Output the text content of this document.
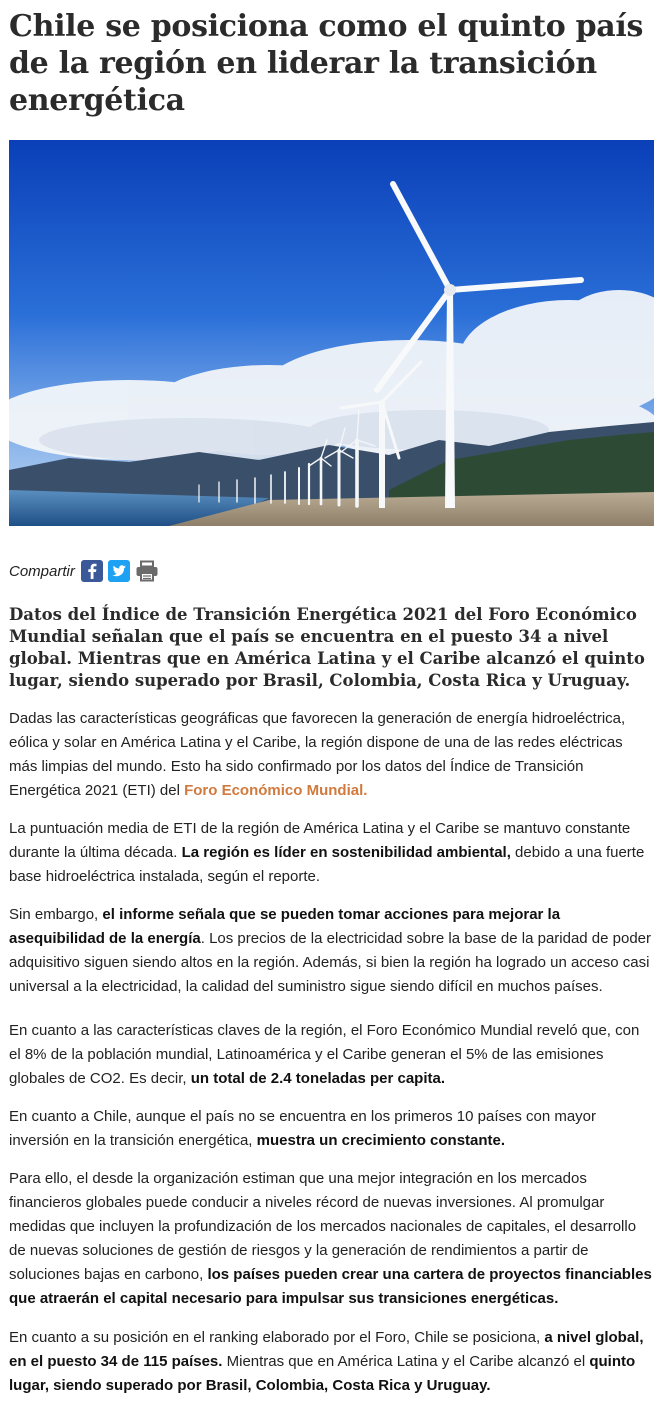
Chile se posiciona como el quinto país de la región en liderar la transición energética
Compartir

Datos del Índice de Transición Energética 2021 del Foro Económico Mundial señalan que el país se encuentra en el puesto 34 a nivel global. Mientras que en América Latina y el Caribe alcanzó el quinto lugar, siendo superado por Brasil, Colombia, Costa Rica y Uruguay.

Dadas las características geográficas que favorecen la generación de energía hidroeléctrica, eólica y solar en América Latina y el Caribe, la región dispone de una de las redes eléctricas más limpias del mundo. Esto ha sido confirmado por los datos del Índice de Transición Energética 2021 (ETI) del Foro Económico Mundial.

La puntuación media de ETI de la región de América Latina y el Caribe se mantuvo constante durante la última década. La región es líder en sostenibilidad ambiental, debido a una fuerte base hidroeléctrica instalada, según el reporte.

Sin embargo, el informe señala que se pueden tomar acciones para mejorar la asequibilidad de la energía. Los precios de la electricidad sobre la base de la paridad de poder adquisitivo siguen siendo altos en la región. Además, si bien la región ha logrado un acceso casi universal a la electricidad, la calidad del suministro sigue siendo difícil en muchos países.

En cuanto a las características claves de la región, el Foro Económico Mundial reveló que, con el 8% de la población mundial, Latinoamérica y el Caribe generan el 5% de las emisiones globales de CO2. Es decir, un total de 2.4 toneladas per capita.

En cuanto a Chile, aunque el país no se encuentra en los primeros 10 países con mayor inversión en la transición energética, muestra un crecimiento constante.

Para ello, el desde la organización estiman que una mejor integración en los mercados financieros globales puede conducir a niveles récord de nuevas inversiones. Al promulgar medidas que incluyen la profundización de los mercados nacionales de capitales, el desarrollo de nuevas soluciones de gestión de riesgos y la generación de rendimientos a partir de soluciones bajas en carbono, los países pueden crear una cartera de proyectos financiables que atraerán el capital necesario para impulsar sus transiciones energéticas.

En cuanto a su posición en el ranking elaborado por el Foro, Chile se posiciona, a nivel global, en el puesto 34 de 115 países. Mientras que en América Latina y el Caribe alcanzó el quinto lugar, siendo superado por Brasil, Colombia, Costa Rica y Uruguay.
